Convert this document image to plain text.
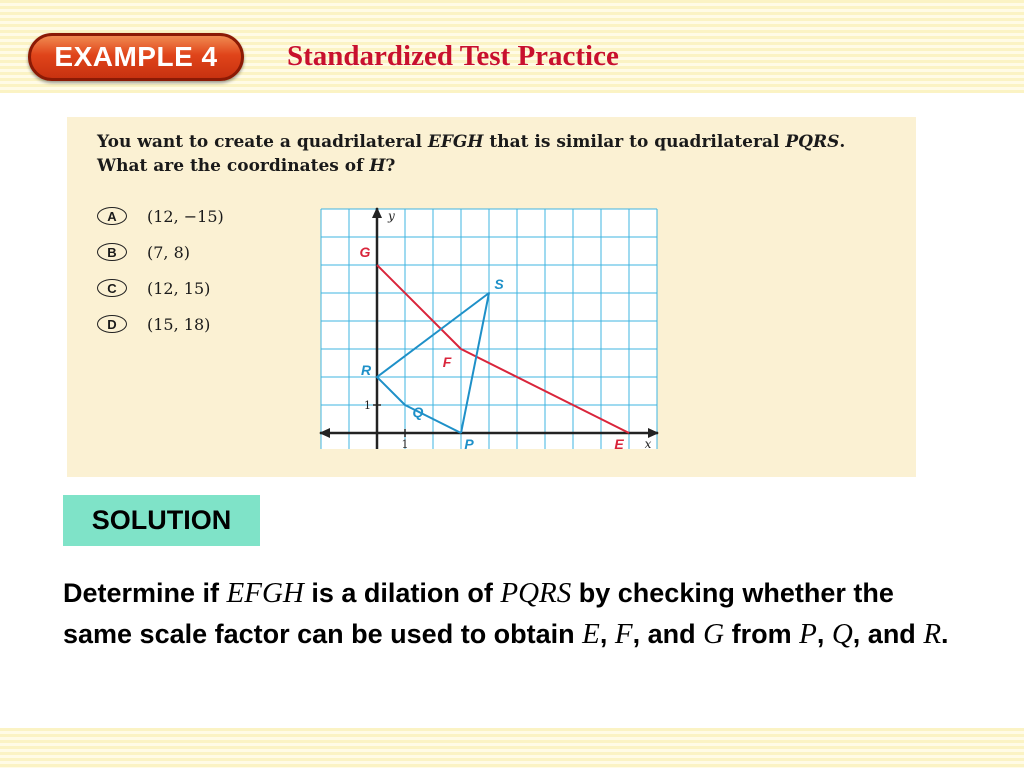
EXAMPLE 4	Standardized Test Practice
You want to create a quadrilateral EFGH that is similar to quadrilateral PQRS. What are the coordinates of H?
A	(12, −15)
B	(7, 8)
C	(12, 15)
D	(15, 18)
1
1
x
y
E
F
G
P
Q
R
S
SOLUTION
Determine if EFGH is a dilation of PQRS by checking whether the same scale factor can be used to obtain E, F, and G from P, Q, and R.
